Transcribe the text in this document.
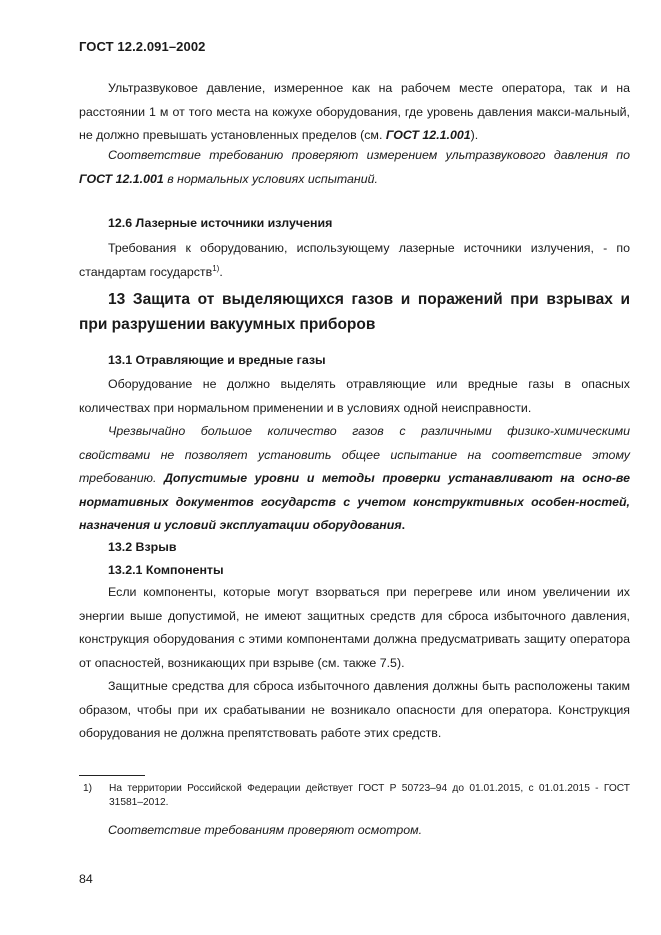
ГОСТ 12.2.091–2002

Ультразвуковое давление, измеренное как на рабочем месте оператора, так и на расстоянии 1 м от того места на кожухе оборудования, где уровень давления макси-мальный, не должно превышать установленных пределов (см. ГОСТ 12.1.001).

Соответствие требованию проверяют измерением ультразвукового давления по ГОСТ 12.1.001 в нормальных условиях испытаний.

12.6 Лазерные источники излучения

Требования к оборудованию, использующему лазерные источники излучения, - по стандартам государств$^{1)}$.

13 Защита от выделяющихся газов и поражений при взрывах и при разрушении вакуумных приборов
13.1 Отравляющие и вредные газы

Оборудование не должно выделять отравляющие или вредные газы в опасных количествах при нормальном применении и в условиях одной неисправности.

Чрезвычайно большое количество газов с различными физико-химическими свойствами не позволяет установить общее испытание на соответствие этому требованию. Допустимые уровни и методы проверки устанавливают на осно-ве нормативных документов государств с учетом конструктивных особен-ностей, назначения и условий эксплуатации оборудования.

13.2 Взрыв
13.2.1 Компоненты

Если компоненты, которые могут взорваться при перегреве или ином увеличении их энергии выше допустимой, не имеют защитных средств для сброса избыточного давления, конструкция оборудования с этими компонентами должна предусматривать защиту оператора от опасностей, возникающих при взрыве (см. также 7.5).

Защитные средства для сброса избыточного давления должны быть расположены таким образом, чтобы при их срабатывании не возникало опасности для оператора. Конструкция оборудования не должна препятствовать работе этих средств.

1)	На территории Российской Федерации действует ГОСТ Р 50723–94 до 01.01.2015, с 01.01.2015 - ГОСТ 31581–2012.

Соответствие требованиям проверяют осмотром.

84
